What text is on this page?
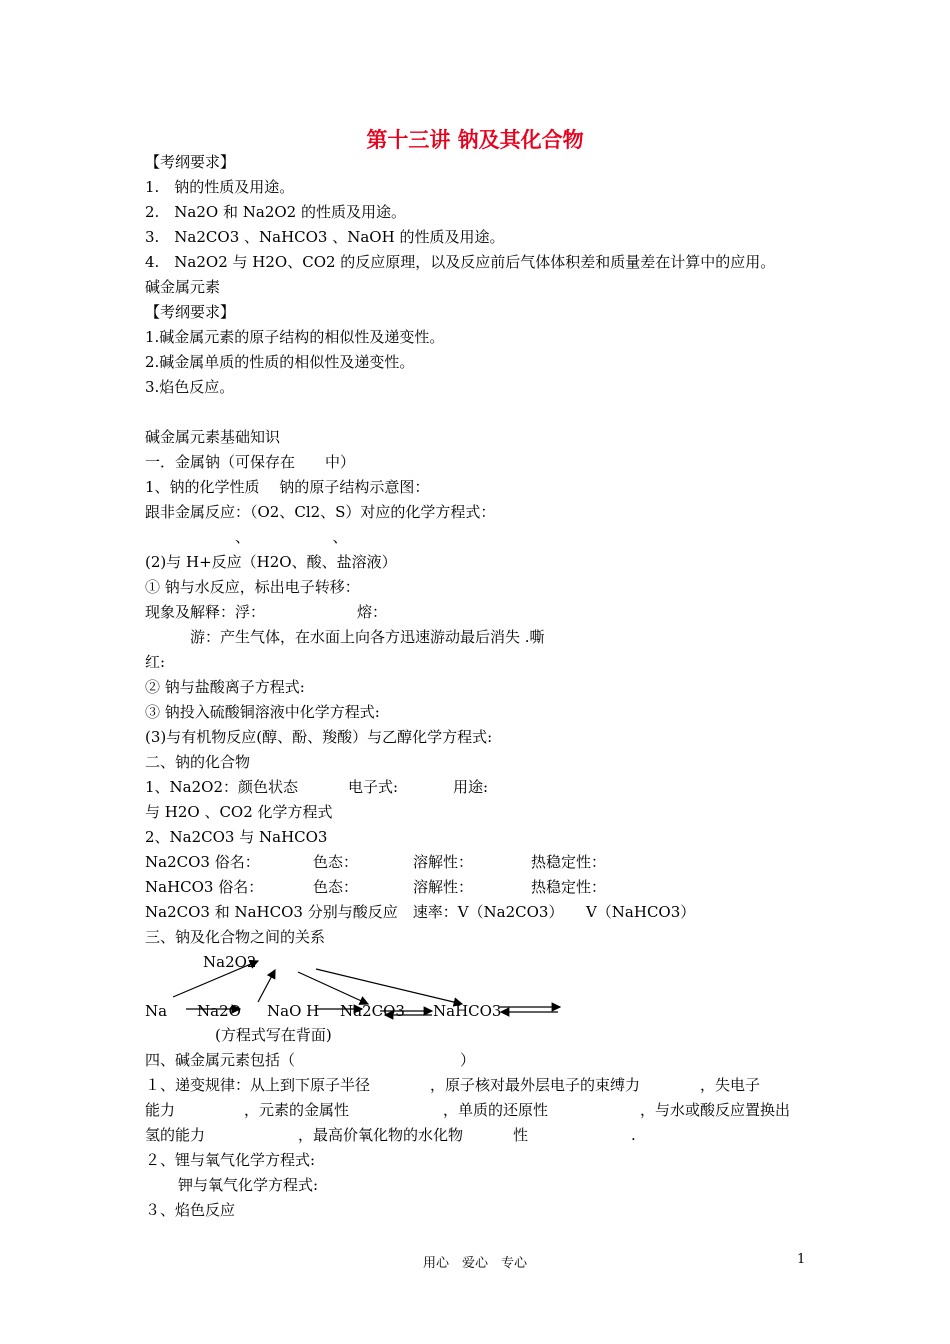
第十三讲 钠及其化合物
【考纲要求】
1.　钠的性质及用途。
2.　Na2O 和 Na2O2 的性质及用途。
3.　Na2CO3 、NaHCO3 、NaOH 的性质及用途。
4.　Na2O2 与 H2O、CO2 的反应原理，以及反应前后气体体积差和质量差在计算中的应用。
碱金属元素
【考纲要求】
1.碱金属元素的原子结构的相似性及递变性。
2.碱金属单质的性质的相似性及递变性。
3.焰色反应。
碱金属元素基础知识
一．金属钠（可保存在　　中）
1、钠的化学性质　 钠的原子结构示意图：
跟非金属反应：（O2、Cl2、S）对应的化学方程式：
　　　　　　、　　　　　　、
(2)与 H+反应（H2O、酸、盐溶液）
① 钠与水反应，标出电子转移：
现象及解释：浮：	熔：
游：产生气体，在水面上向各方迅速游动最后消失 .嘶
红:
② 钠与盐酸离子方程式:
③ 钠投入硫酸铜溶液中化学方程式:
(3)与有机物反应(醇、酚、羧酸）与乙醇化学方程式:
二、钠的化合物
1、Na2O2：颜色状态	电子式:	用途:
与 H2O 、CO2 化学方程式
2、Na2CO3 与 NaHCO3
Na2CO3 俗名：	色态：	溶解性：	热稳定性：
NaHCO3 俗名：	色态：	溶解性：	热稳定性：
Na2CO3 和 NaHCO3 分别与酸反应　速率：V（Na2CO3）　　V（NaHCO3）
三、钠及化合物之间的关系
Na2O2
Na Na2O NaO H Na2CO3 NaHCO3
(方程式写在背面)
四、碱金属元素包括（　　　　　　　　　　　）
１、递变规律：从上到下原子半径　　　　，原子核对最外层电子的束缚力　　　　，失电子
能力	，元素的金属性	，单质的还原性	，与水或酸反应置换出
氢的能力	，最高价氧化物的水化物	性	.
２、锂与氧气化学方程式:
钾与氧气化学方程式:
３、焰色反应
用心　爱心　专心	1
